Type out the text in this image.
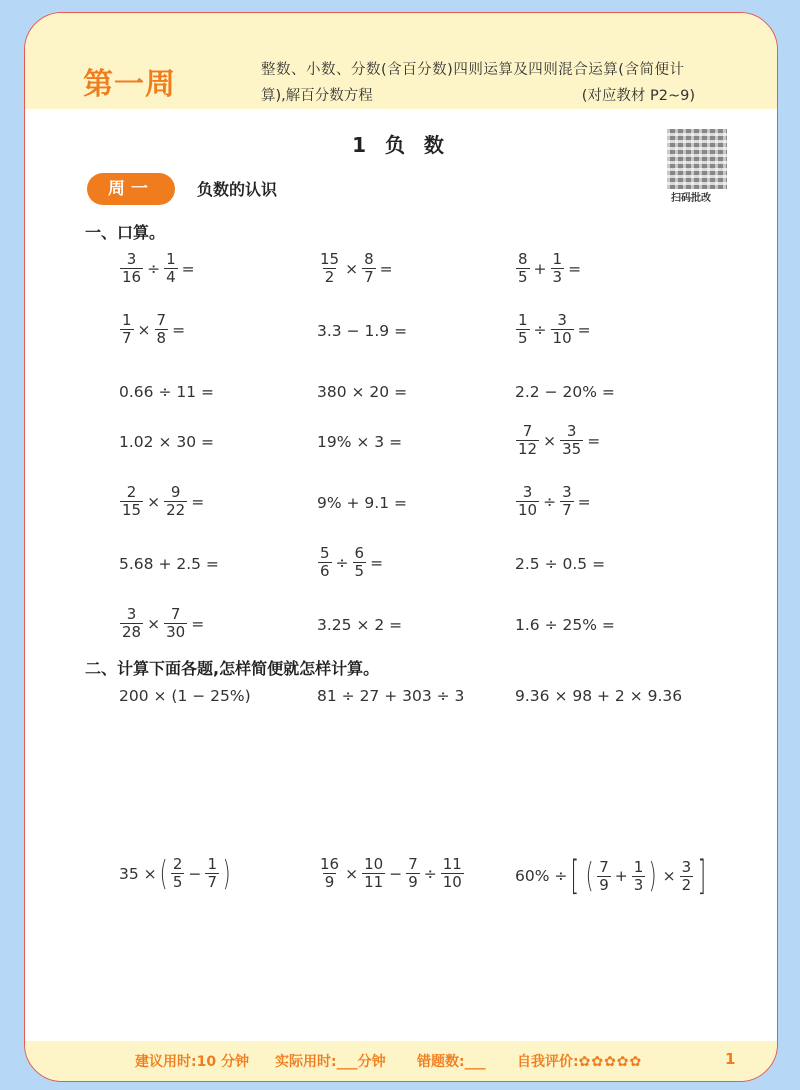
第一周	整数、小数、分数(含百分数)四则运算及四则混合运算(含简便计
算),解百分数方程	(对应教材 P2~9)
1 负 数
扫码批改
周一	负数的认识
一、口算。
$\frac{3}{16} \div \frac{1}{4}$ =	$\frac{15}{2} \times \frac{8}{7}$ =	$\frac{8}{5} + \frac{1}{3}$ =
$\frac{1}{7} \times \frac{7}{8}$ =	3.3 − 1.9 =	$\frac{1}{5} \div \frac{3}{10}$ =
0.66 ÷ 11 =	380 × 20 =	2.2 − 20% =
1.02 × 30 =	19% × 3 =	$\frac{7}{12} \times \frac{3}{35}$ =
$\frac{2}{15} \times \frac{9}{22}$ =	9% + 9.1 =	$\frac{3}{10} \div \frac{3}{7}$ =
5.68 + 2.5 =	$\frac{5}{6} \div \frac{6}{5}$ =	2.5 ÷ 0.5 =
$\frac{3}{28} \times \frac{7}{30}$ =	3.25 × 2 =	1.6 ÷ 25% =
二、计算下面各题,怎样简便就怎样计算。
200 × (1 − 25%)	81 ÷ 27 + 303 ÷ 3	9.36 × 98 + 2 × 9.36
35 × ( $\frac{2}{5} - \frac{1}{7}$ )	$\frac{16}{9} \times \frac{10}{11} - \frac{7}{9} \div \frac{11}{10}$	60% ÷ [ ( $\frac{7}{9} + \frac{1}{3}$ ) × $\frac{3}{2}$ ]
建议用时:10 分钟 实际用时:___分钟 错题数:___ 自我评价:✿✿✿✿✿	1
